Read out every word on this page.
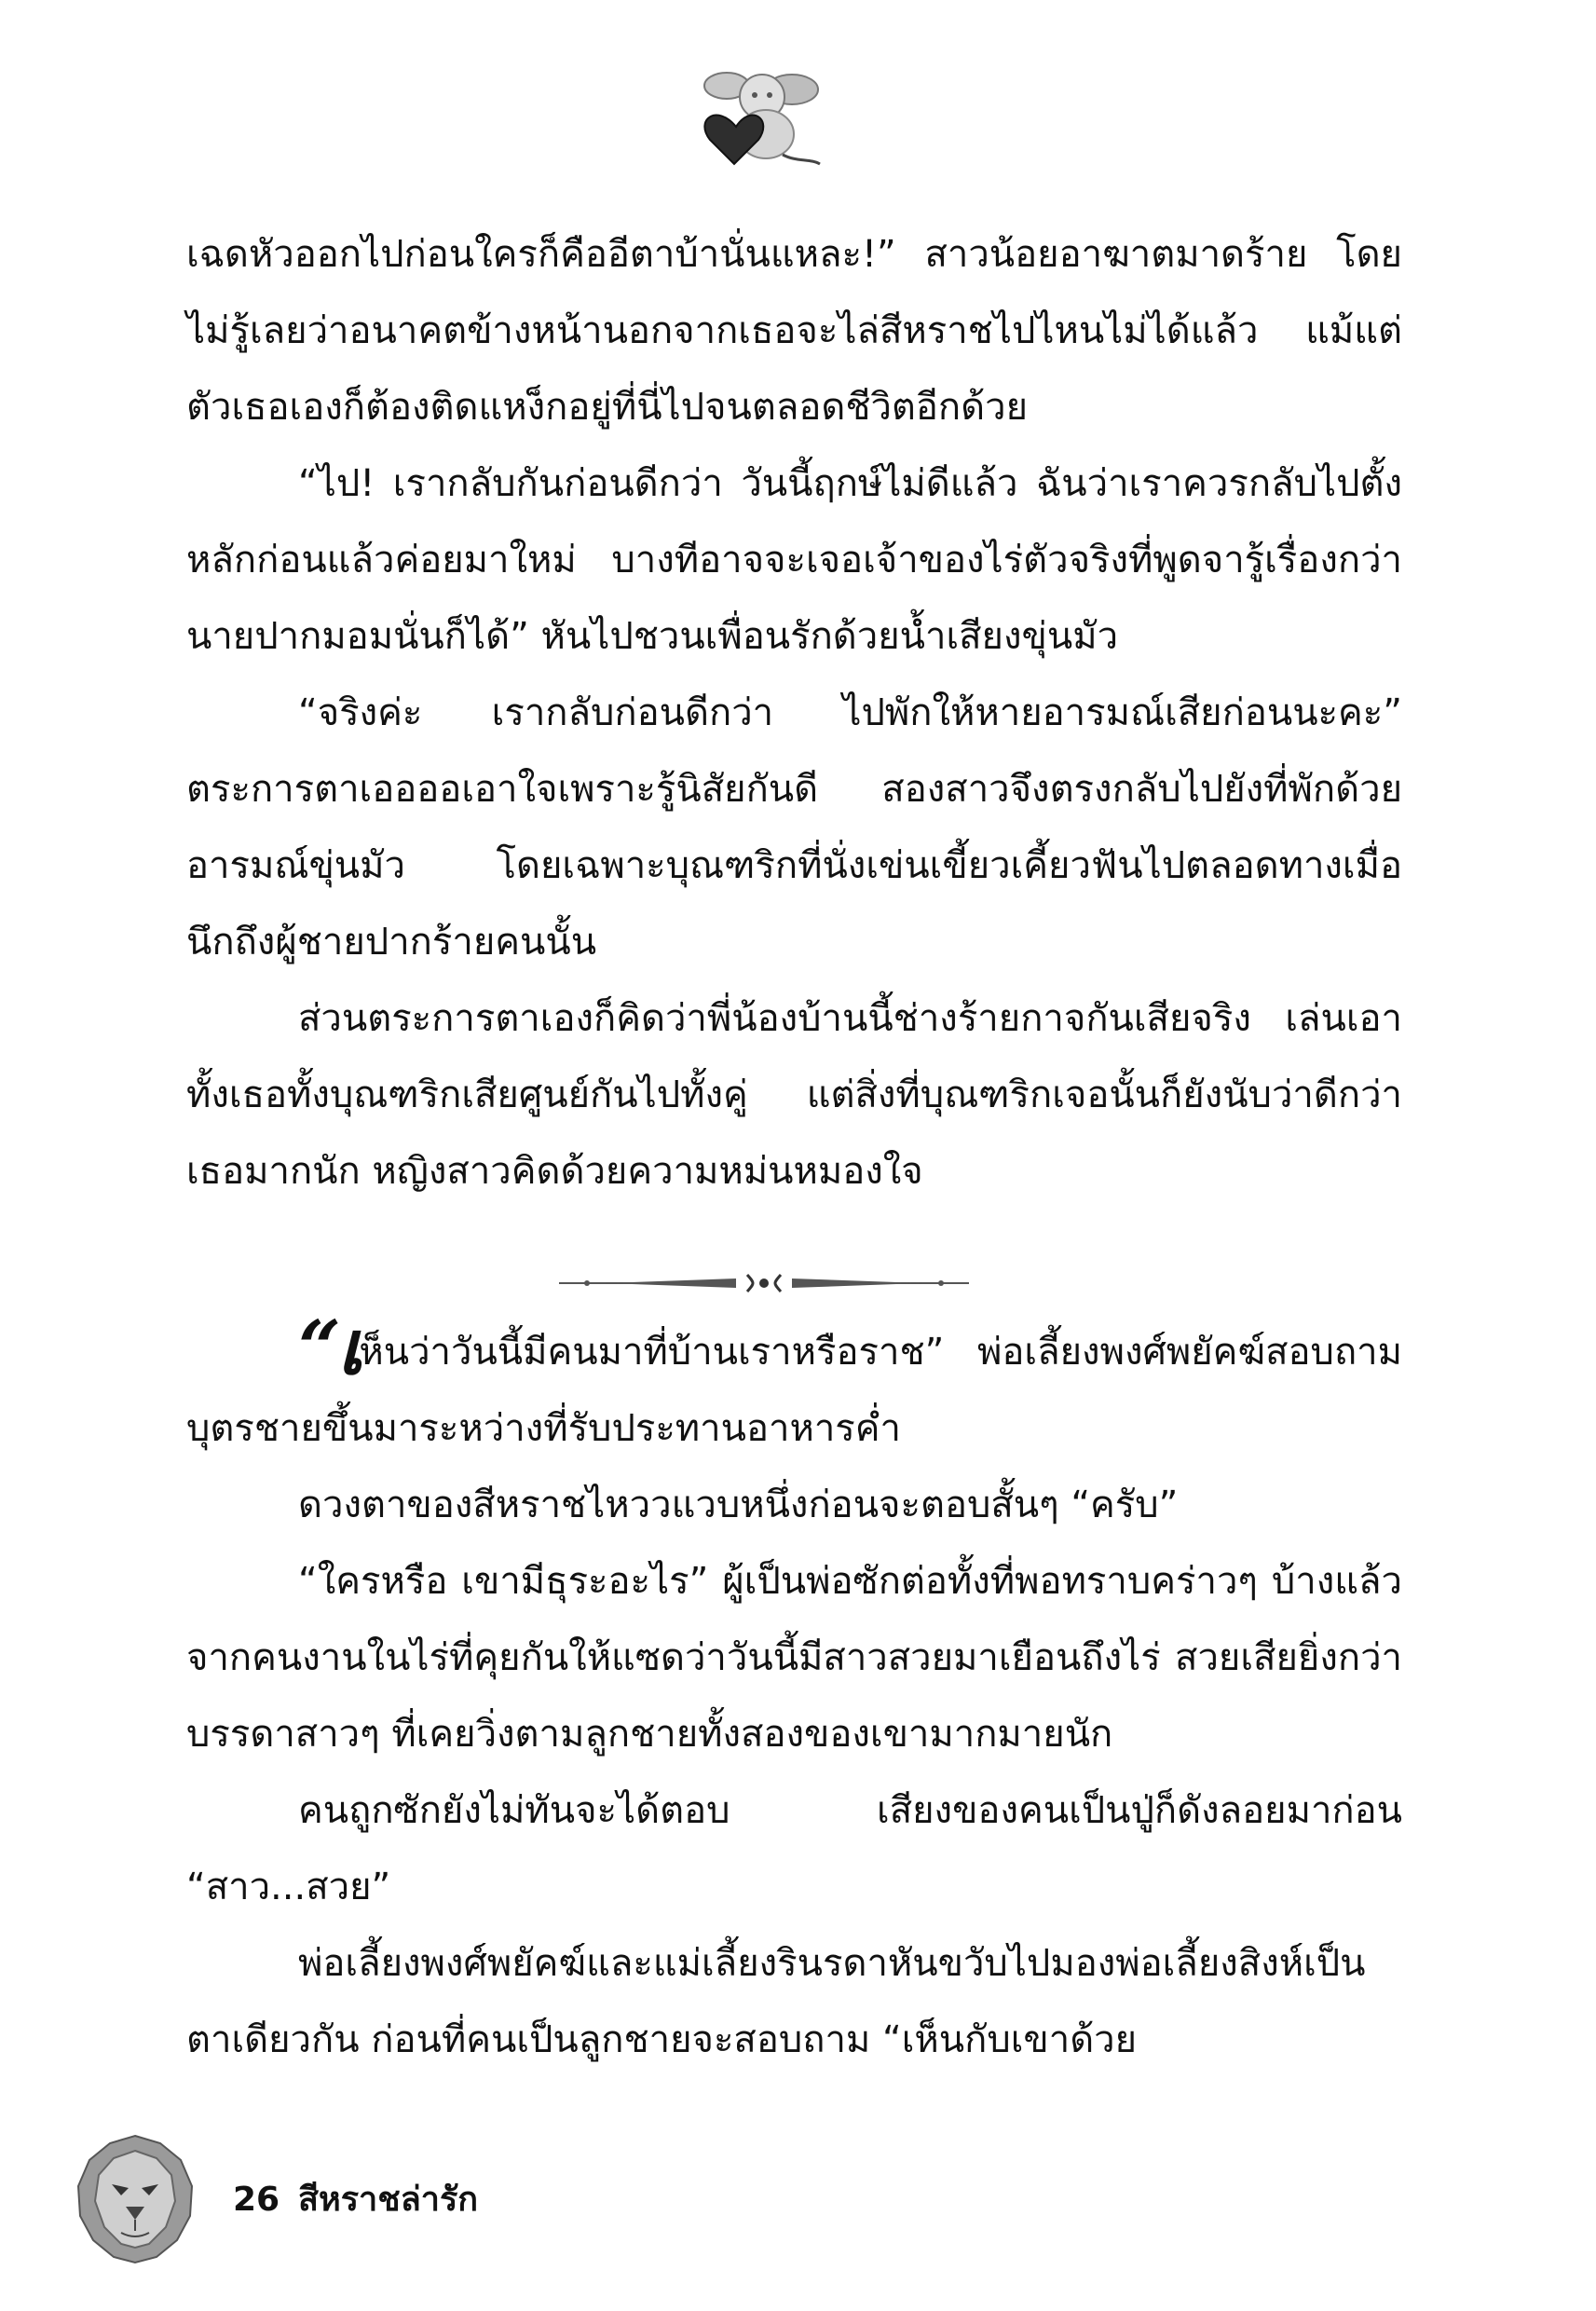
เฉดหัวออกไปก่อนใครก็คืออีตาบ้านั่นแหละ!” สาวน้อยอาฆาตมาดร้าย โดยไม่รู้เลยว่าอนาคตข้างหน้านอกจากเธอจะไล่สีหราชไปไหนไม่ได้แล้ว แม้แต่ตัวเธอเองก็ต้องติดแหง็กอยู่ที่นี่ไปจนตลอดชีวิตอีกด้วย

“ไป! เรากลับกันก่อนดีกว่า วันนี้ฤกษ์ไม่ดีแล้ว ฉันว่าเราควรกลับไปตั้งหลักก่อนแล้วค่อยมาใหม่ บางทีอาจจะเจอเจ้าของไร่ตัวจริงที่พูดจารู้เรื่องกว่านายปากมอมนั่นก็ได้” หันไปชวนเพื่อนรักด้วยน้ำเสียงขุ่นมัว

“จริงค่ะ เรากลับก่อนดีกว่า ไปพักให้หายอารมณ์เสียก่อนนะคะ” ตระการตาเออออเอาใจเพราะรู้นิสัยกันดี สองสาวจึงตรงกลับไปยังที่พักด้วยอารมณ์ขุ่นมัว โดยเฉพาะบุณฑริกที่นั่งเข่นเขี้ยวเคี้ยวฟันไปตลอดทางเมื่อนึกถึงผู้ชายปากร้ายคนนั้น

ส่วนตระการตาเองก็คิดว่าพี่น้องบ้านนี้ช่างร้ายกาจกันเสียจริง เล่นเอาทั้งเธอทั้งบุณฑริกเสียศูนย์กันไปทั้งคู่ แต่สิ่งที่บุณฑริกเจอนั้นก็ยังนับว่าดีกว่าเธอมากนัก หญิงสาวคิดด้วยความหม่นหมองใจ

“เห็นว่าวันนี้มีคนมาที่บ้านเราหรือราช” พ่อเลี้ยงพงศ์พยัคฆ์สอบถามบุตรชายขึ้นมาระหว่างที่รับประทานอาหารค่ำ

ดวงตาของสีหราชไหววแวบหนึ่งก่อนจะตอบสั้นๆ “ครับ”

“ใครหรือ เขามีธุระอะไร” ผู้เป็นพ่อซักต่อทั้งที่พอทราบคร่าวๆ บ้างแล้วจากคนงานในไร่ที่คุยกันให้แซดว่าวันนี้มีสาวสวยมาเยือนถึงไร่ สวยเสียยิ่งกว่าบรรดาสาวๆ ที่เคยวิ่งตามลูกชายทั้งสองของเขามากมายนัก

คนถูกซักยังไม่ทันจะได้ตอบ เสียงของคนเป็นปู่ก็ดังลอยมาก่อน “สาว...สวย”

พ่อเลี้ยงพงศ์พยัคฆ์และแม่เลี้ยงรินรดาหันขวับไปมองพ่อเลี้ยงสิงห์เป็นตาเดียวกัน ก่อนที่คนเป็นลูกชายจะสอบถาม “เห็นกับเขาด้วย

26 สีหราชล่ารัก
